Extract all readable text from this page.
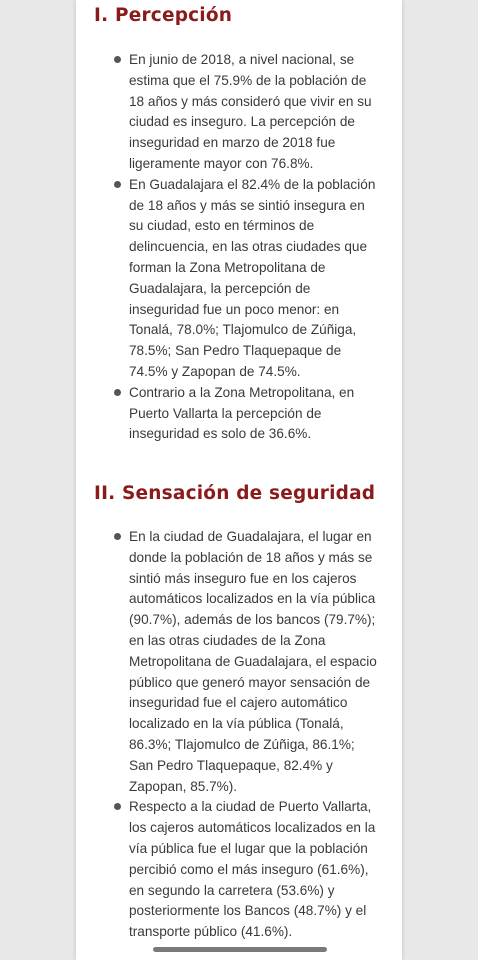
I. Percepción
En junio de 2018, a nivel nacional, se
estima que el 75.9% de la población de
18 años y más consideró que vivir en su
ciudad es inseguro. La percepción de
inseguridad en marzo de 2018 fue
ligeramente mayor con 76.8%.
En Guadalajara el 82.4% de la población
de 18 años y más se sintió insegura en
su ciudad, esto en términos de
delincuencia, en las otras ciudades que
forman la Zona Metropolitana de
Guadalajara, la percepción de
inseguridad fue un poco menor: en
Tonalá, 78.0%; Tlajomulco de Zúñiga,
78.5%; San Pedro Tlaquepaque de
74.5% y Zapopan de 74.5%.
Contrario a la Zona Metropolitana, en
Puerto Vallarta la percepción de
inseguridad es solo de 36.6%.
II. Sensación de seguridad
En la ciudad de Guadalajara, el lugar en
donde la población de 18 años y más se
sintió más inseguro fue en los cajeros
automáticos localizados en la vía pública
(90.7%), además de los bancos (79.7%);
en las otras ciudades de la Zona
Metropolitana de Guadalajara, el espacio
público que generó mayor sensación de
inseguridad fue el cajero automático
localizado en la vía pública (Tonalá,
86.3%; Tlajomulco de Zúñiga, 86.1%;
San Pedro Tlaquepaque, 82.4% y
Zapopan, 85.7%).
Respecto a la ciudad de Puerto Vallarta,
los cajeros automáticos localizados en la
vía pública fue el lugar que la población
percibió como el más inseguro (61.6%),
en segundo la carretera (53.6%) y
posteriormente los Bancos (48.7%) y el
transporte público (41.6%).
